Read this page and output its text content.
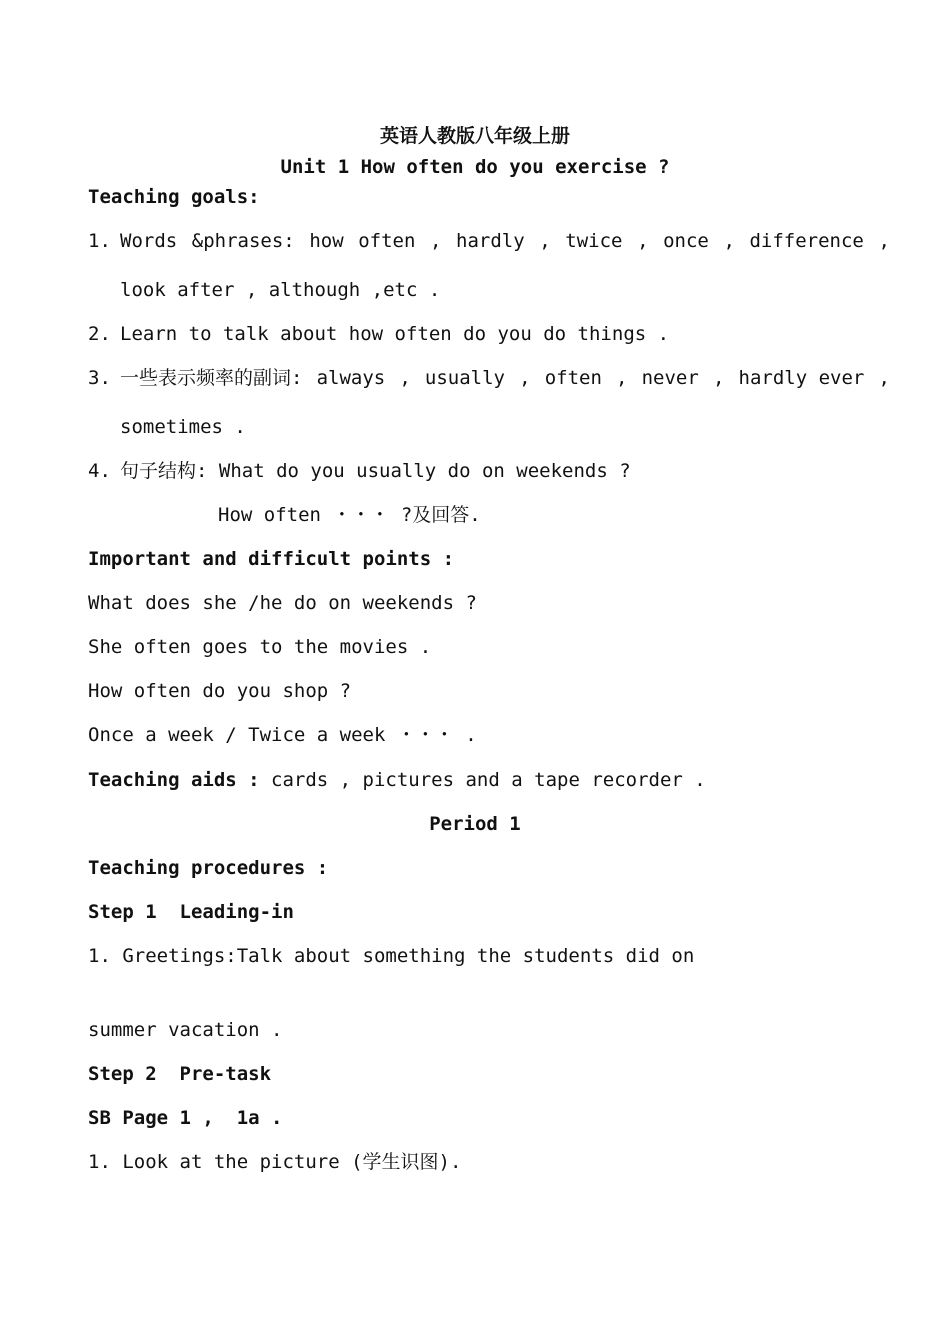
英语人教版八年级上册
Unit 1 How often do you exercise ?
Teaching goals:
1. Words &phrases: how often , hardly , twice , once , difference ,
look after , although ,etc .
2. Learn to talk about how often do you do things .
3. 一些表示频率的副词: always , usually , often , never , hardly ever ,
sometimes .
4. 句子结构: What do you usually do on weekends ?
How often ・・・ ?及回答.
Important and difficult points :
What does she /he do on weekends ?
She often goes to the movies .
How often do you shop ?
Once a week / Twice a week ・・・ .
Teaching aids : cards , pictures and a tape recorder .
Period 1
Teaching procedures :
Step 1  Leading-in
1. Greetings:Talk about something the students did on
summer vacation .
Step 2  Pre-task
SB Page 1 ,  1a .
1. Look at the picture (学生识图).
